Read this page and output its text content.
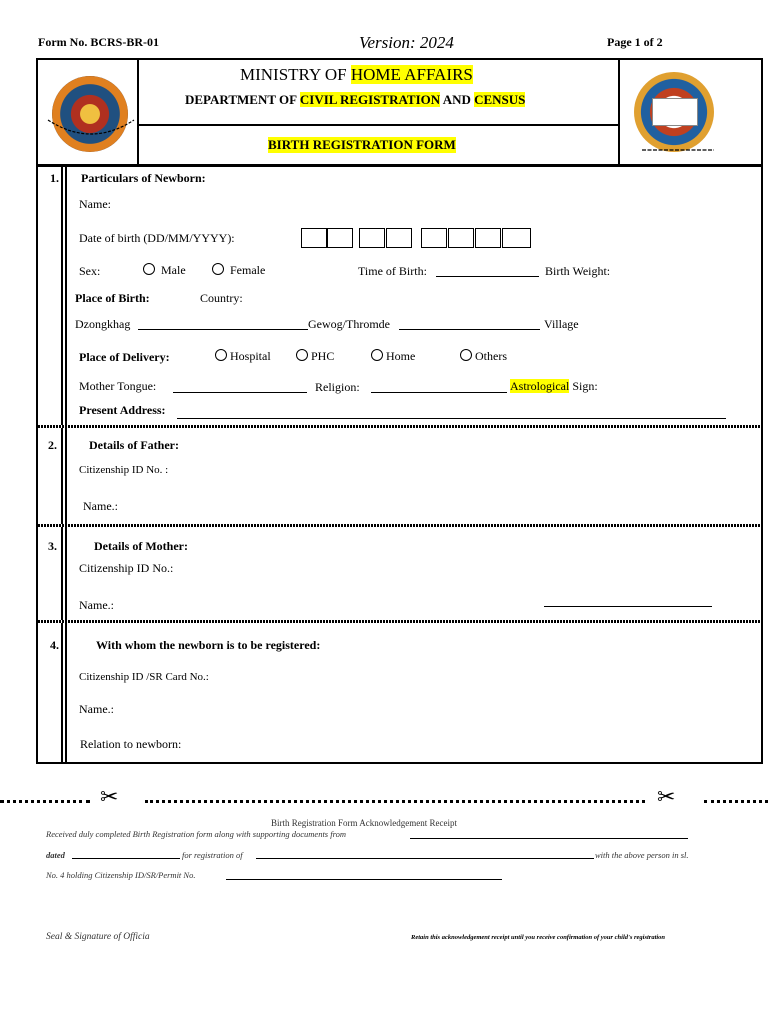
Form No. BCRS-BR-01	Version: 2024	Page 1 of 2
MINISTRY OF HOME AFFAIRS
DEPARTMENT OF CIVIL REGISTRATION AND CENSUS
BIRTH REGISTRATION FORM
1. Particulars of Newborn:
Name:
Date of birth (DD/MM/YYYY):
Sex:	Male	Female	Time of Birth:	Birth Weight:
Place of Birth:	Country:
Dzongkhag	Gewog/Thromde	Village
Place of Delivery:	Hospital	PHC	Home	Others
Mother Tongue:	Religion:	Astrological Sign:
Present Address:
2.	Details of Father:
Citizenship ID No. :
Name.:
3.	Details of Mother:
Citizenship ID No.:
Name.:
4.	With whom the newborn is to be registered:
Citizenship ID /SR Card No.:
Name.:
Relation to newborn:
✂	✂
Birth Registration Form Acknowledgement Receipt
Received duly completed Birth Registration form along with supporting documents from
dated	for registration of	with the above person in sl.
No. 4 holding Citizenship ID/SR/Permit No.
Seal & Signature of Officia	Retain this acknowledgement receipt until you receive confirmation of your child's registration
